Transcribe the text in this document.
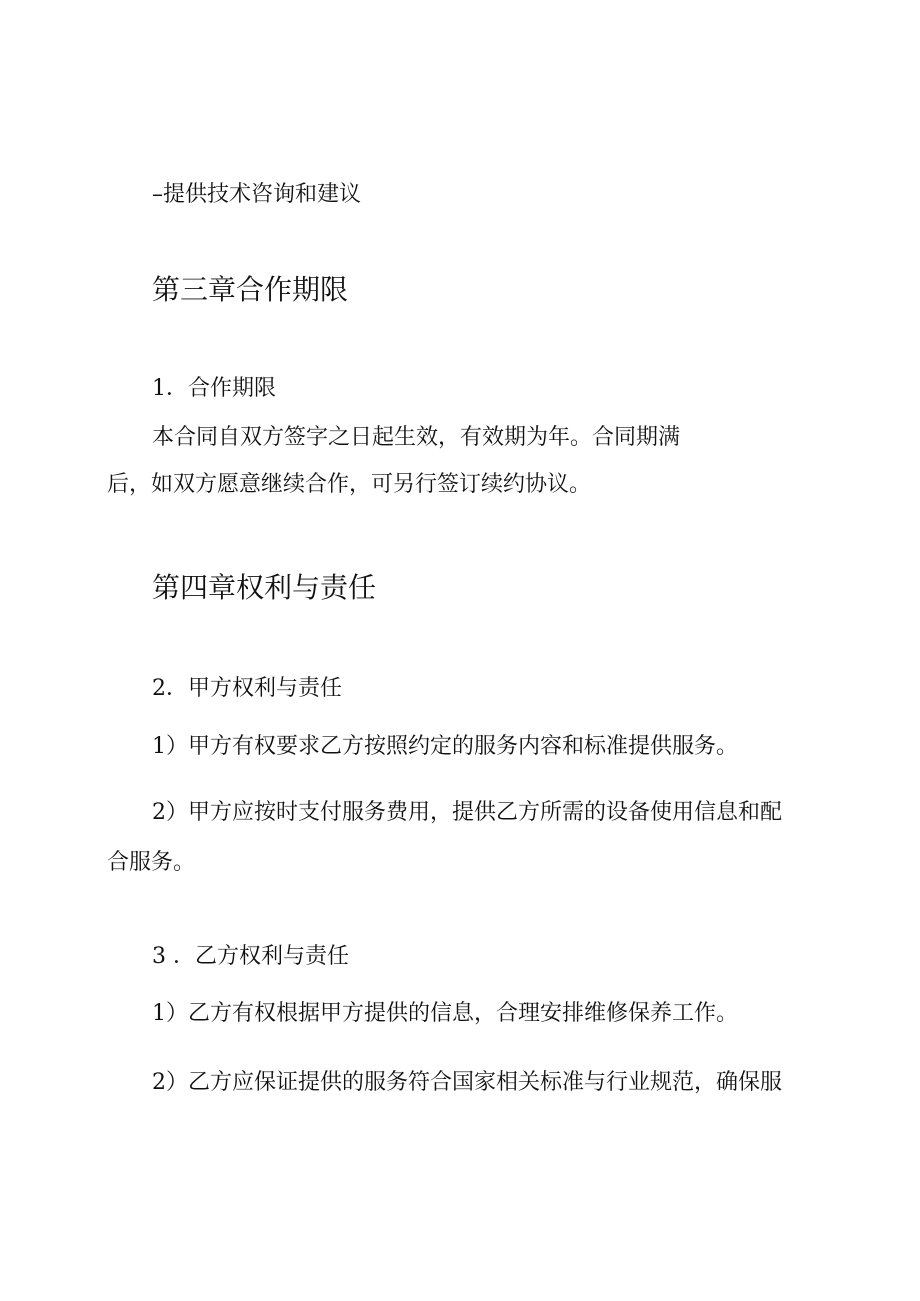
–提供技术咨询和建议
第三章合作期限
1．合作期限
本合同自双方签字之日起生效，有效期为年。合同期满
后，如双方愿意继续合作，可另行签订续约协议。
第四章权利与责任
2．甲方权利与责任
1）甲方有权要求乙方按照约定的服务内容和标准提供服务。
2）甲方应按时支付服务费用，提供乙方所需的设备使用信息和配
合服务。
3 ．乙方权利与责任
1）乙方有权根据甲方提供的信息，合理安排维修保养工作。
2）乙方应保证提供的服务符合国家相关标准与行业规范，确保服
